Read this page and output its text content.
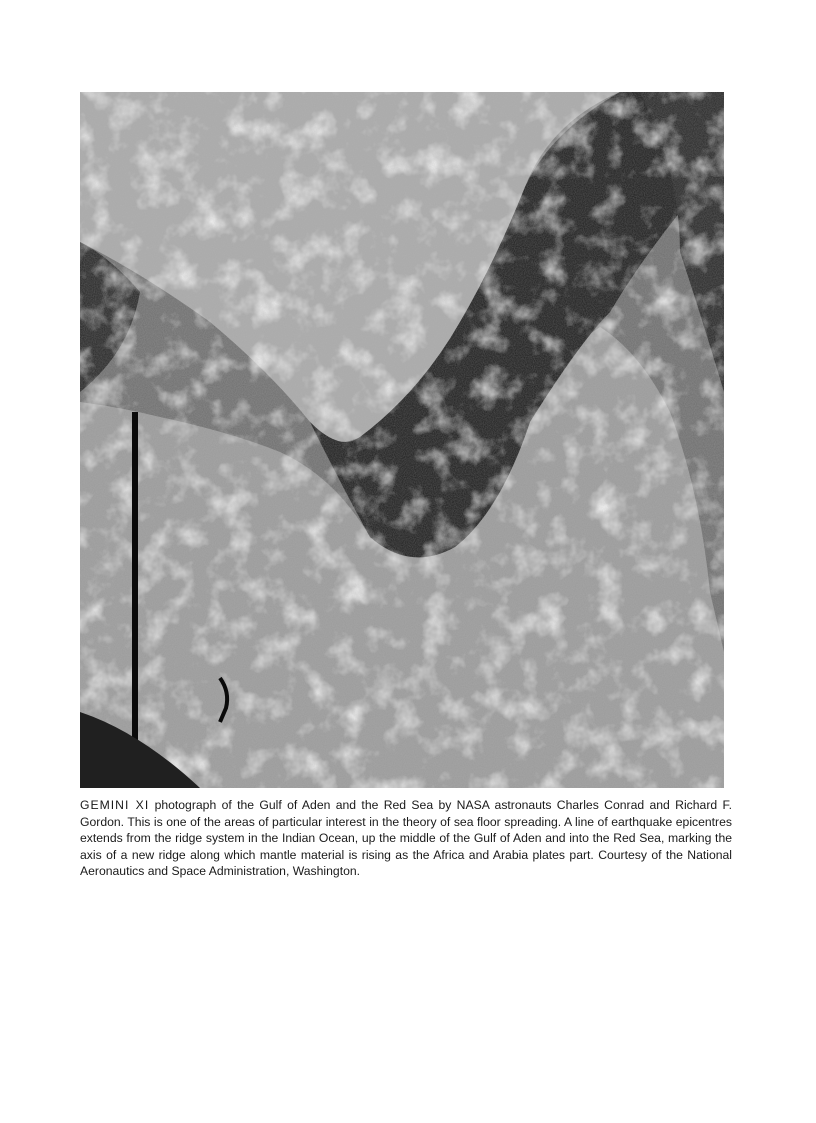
GEMINI XI photograph of the Gulf of Aden and the Red Sea by NASA astronauts Charles Conrad and Richard F. Gordon. This is one of the areas of particular interest in the theory of sea floor spreading. A line of earthquake epicentres extends from the ridge system in the Indian Ocean, up the middle of the Gulf of Aden and into the Red Sea, marking the axis of a new ridge along which mantle material is rising as the Africa and Arabia plates part. Courtesy of the National Aeronautics and Space Administration, Washington.
